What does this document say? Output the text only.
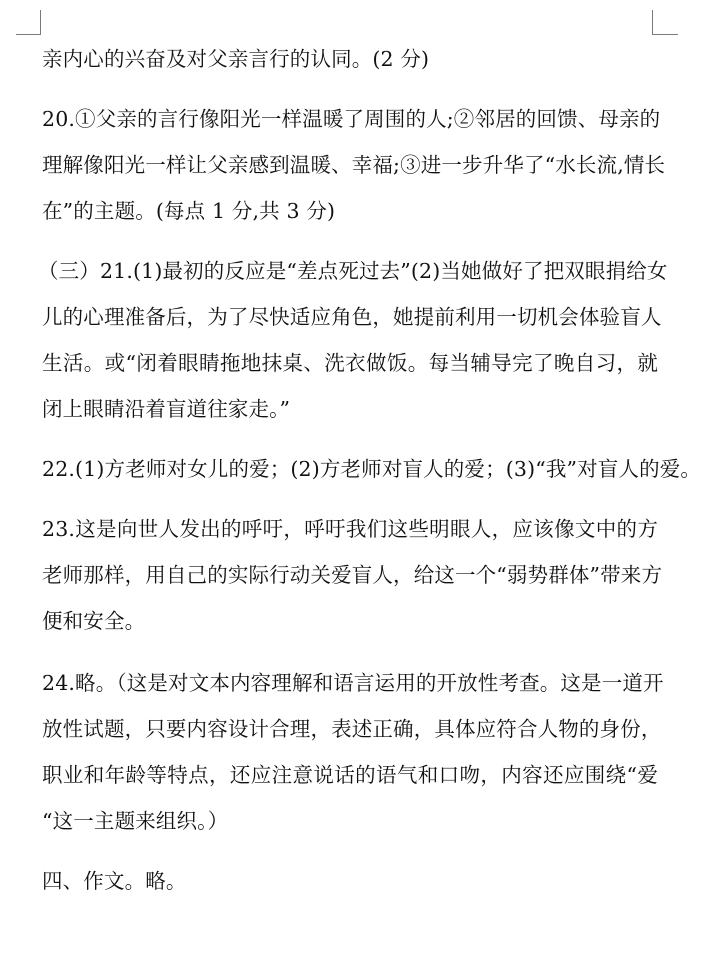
亲内心的兴奋及对父亲言行的认同。(2 分)
20.①父亲的言行像阳光一样温暖了周围的人;②邻居的回馈、母亲的
理解像阳光一样让父亲感到温暖、幸福;③进一步升华了“水长流,情长
在”的主题。(每点 1 分,共 3 分)
（三）21.(1)最初的反应是“差点死过去”(2)当她做好了把双眼捐给女
儿的心理准备后，为了尽快适应角色，她提前利用一切机会体验盲人
生活。或“闭着眼睛拖地抹桌、洗衣做饭。每当辅导完了晚自习，就
闭上眼睛沿着盲道往家走。”
22.(1)方老师对女儿的爱；(2)方老师对盲人的爱；(3)“我”对盲人的爱。
23.这是向世人发出的呼吁，呼吁我们这些明眼人，应该像文中的方
老师那样，用自己的实际行动关爱盲人，给这一个“弱势群体”带来方
便和安全。
24.略。（这是对文本内容理解和语言运用的开放性考查。这是一道开
放性试题，只要内容设计合理，表述正确，具体应符合人物的身份，
职业和年龄等特点，还应注意说话的语气和口吻，内容还应围绕“爱
“这一主题来组织。）
四、作文。略。
